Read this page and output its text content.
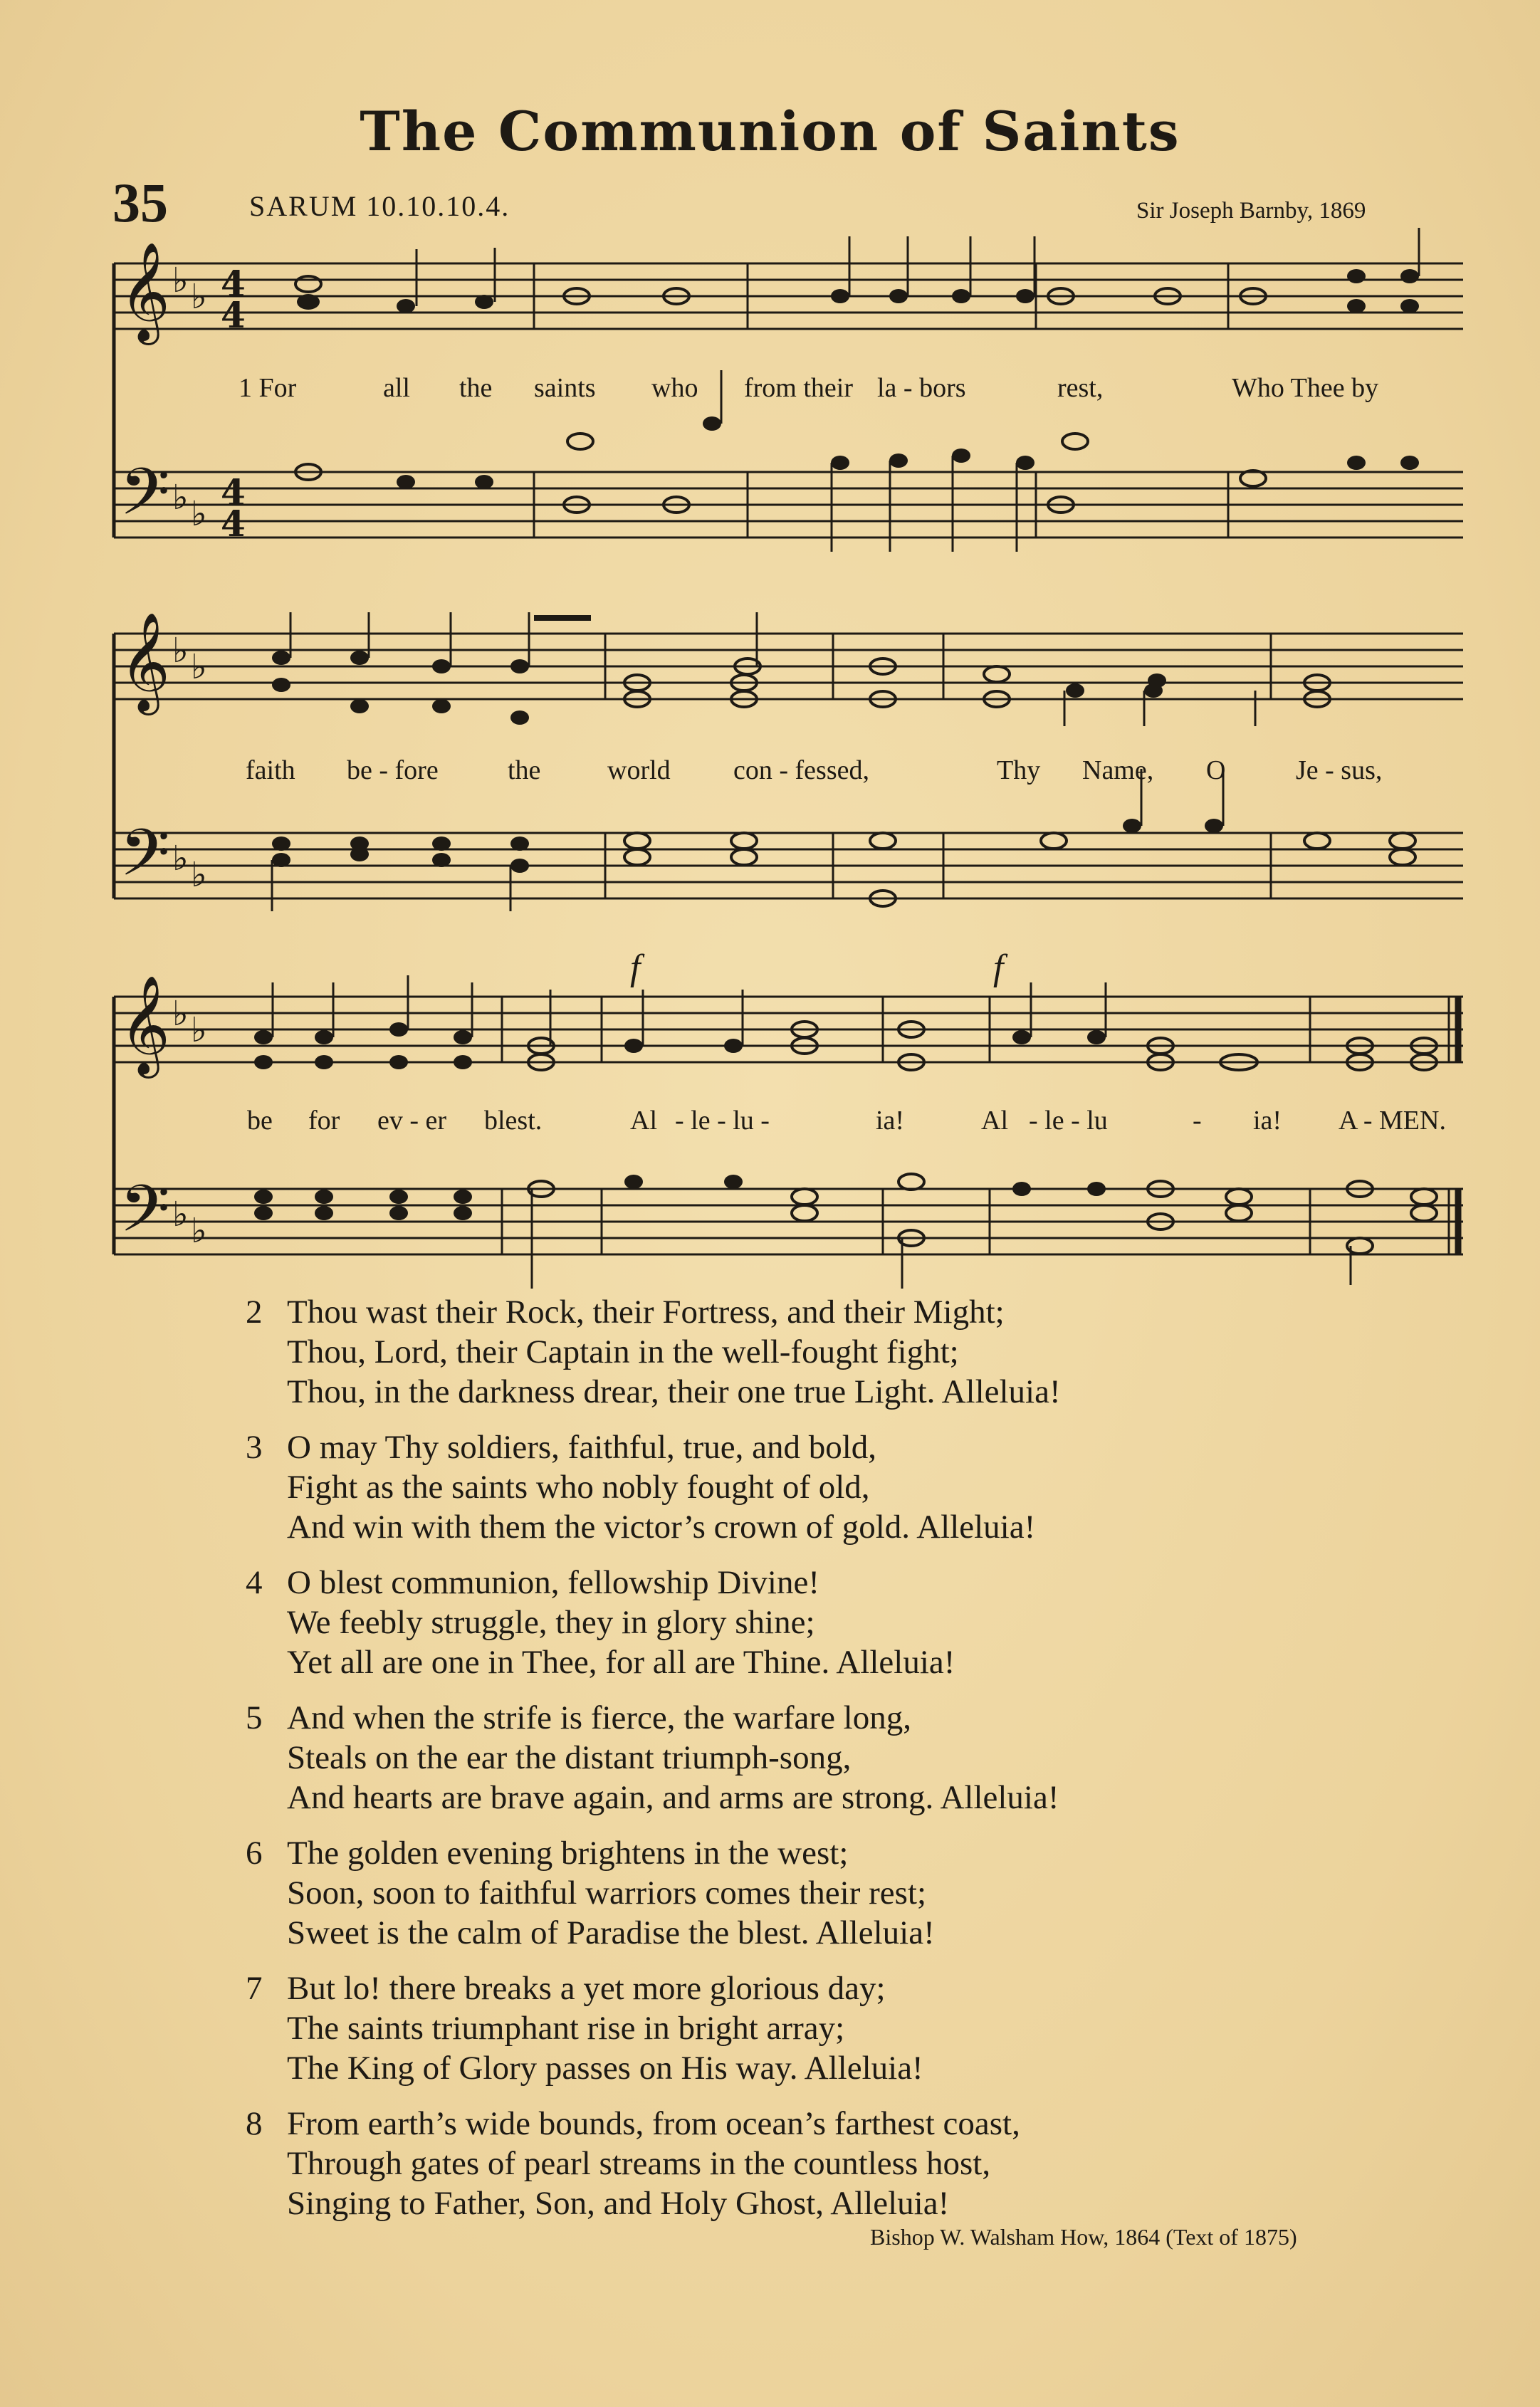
The Communion of Saints
35	SARUM 10.10.10.4.	Sir Joseph Barnby, 1869
𝄞
𝄢
♭ ♭
♭ ♭
4
4
4
4
1 For	all the saints who from their la - bors	rest,	Who Thee by
𝄞
𝄢
♭ ♭
♭ ♭
faith be - fore	the world con - fessed,	Thy Name, O	Je - sus,
𝄞
𝄢
♭ ♭
♭ ♭
f	f
be for ev - er blest.	Al - le - lu -	ia!	Al - le - lu	- ia! A - MEN.
2 Thou wast their Rock, their Fortress, and their Might;
Thou, Lord, their Captain in the well-fought fight;
Thou, in the darkness drear, their one true Light. Alleluia!
3 O may Thy soldiers, faithful, true, and bold,
Fight as the saints who nobly fought of old,
And win with them the victor’s crown of gold. Alleluia!
4 O blest communion, fellowship Divine!
We feebly struggle, they in glory shine;
Yet all are one in Thee, for all are Thine. Alleluia!
5 And when the strife is fierce, the warfare long,
Steals on the ear the distant triumph-song,
And hearts are brave again, and arms are strong. Alleluia!
6 The golden evening brightens in the west;
Soon, soon to faithful warriors comes their rest;
Sweet is the calm of Paradise the blest. Alleluia!
7 But lo! there breaks a yet more glorious day;
The saints triumphant rise in bright array;
The King of Glory passes on His way. Alleluia!
8 From earth’s wide bounds, from ocean’s farthest coast,
Through gates of pearl streams in the countless host,
Singing to Father, Son, and Holy Ghost, Alleluia!
Bishop W. Walsham How, 1864 (Text of 1875)
